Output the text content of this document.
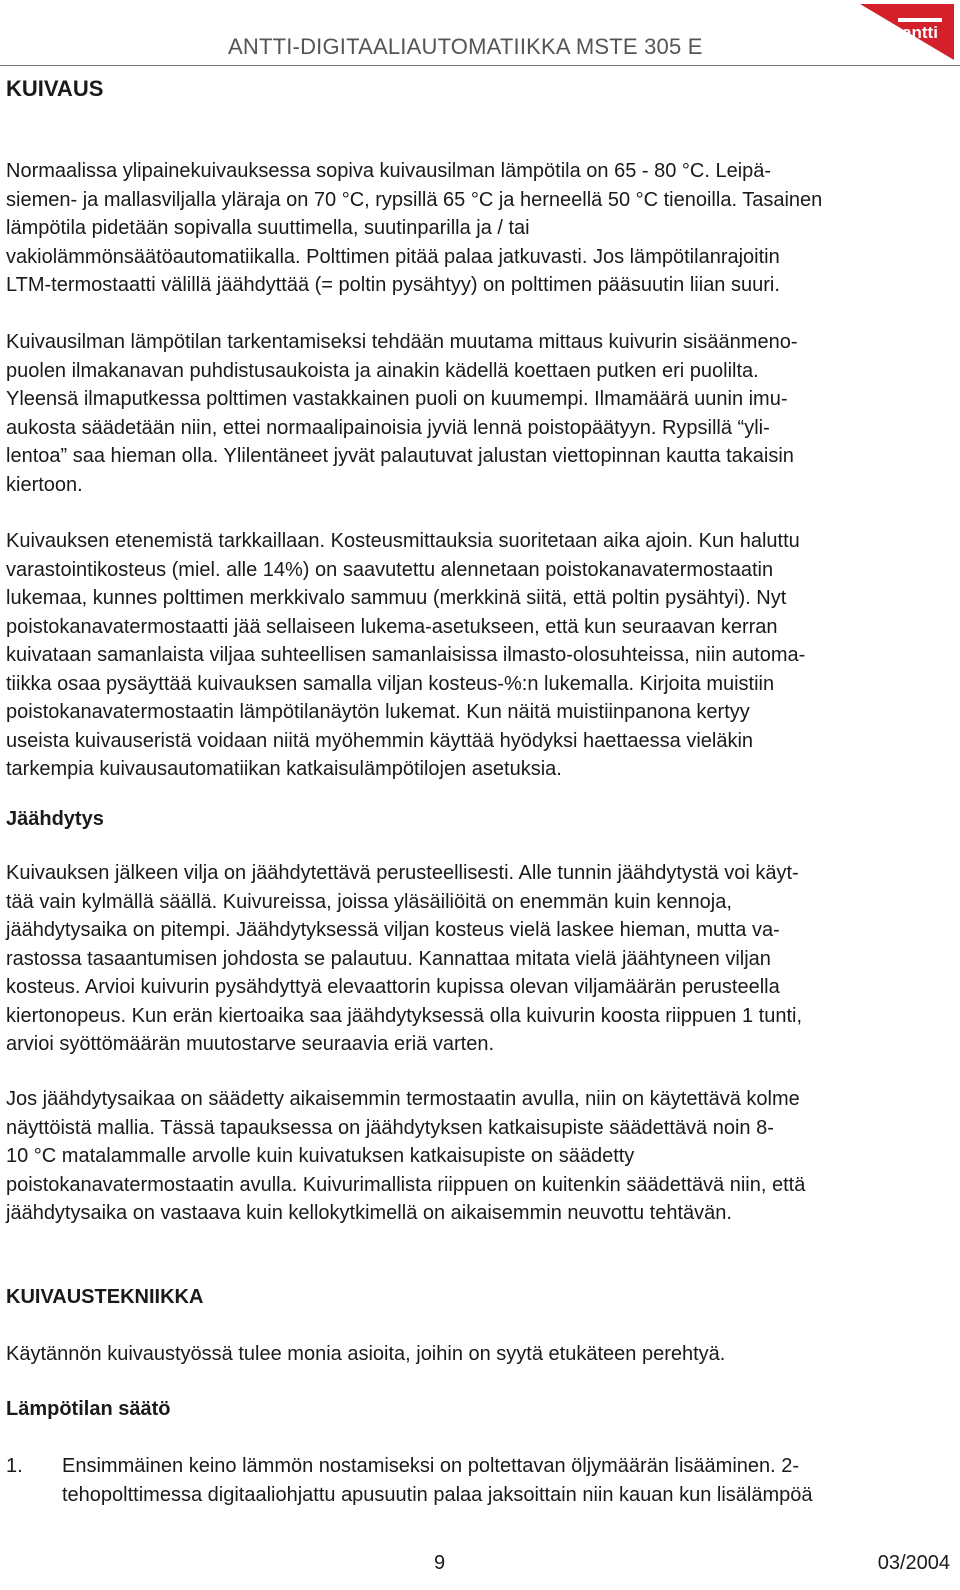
ANTTI-DIGITAALIAUTOMATIIKKA MSTE 305 E
antti
KUIVAUS
Normaalissa ylipainekuivauksessa sopiva kuivausilman lämpötila on 65 - 80 °C. Leipä-
siemen- ja mallasviljalla yläraja on 70 °C, rypsillä 65 °C ja herneellä 50 °C tienoilla. Tasainen
lämpötila pidetään sopivalla suuttimella, suutinparilla ja / tai
vakiolämmönsäätöautomatiikalla. Polttimen pitää palaa jatkuvasti. Jos lämpötilanrajoitin
LTM-termostaatti välillä jäähdyttää (= poltin pysähtyy) on polttimen pääsuutin liian suuri.
Kuivausilman lämpötilan tarkentamiseksi tehdään muutama mittaus kuivurin sisäänmeno-
puolen ilmakanavan puhdistusaukoista ja ainakin kädellä koettaen putken eri puolilta.
Yleensä ilmaputkessa polttimen vastakkainen puoli on kuumempi. Ilmamäärä uunin imu-
aukosta säädetään niin, ettei normaalipainoisia jyviä lennä poistopäätyyn. Rypsillä “yli-
lentoa” saa hieman olla. Ylilentäneet jyvät palautuvat jalustan viettopinnan kautta takaisin
kiertoon.
Kuivauksen etenemistä tarkkaillaan. Kosteusmittauksia suoritetaan aika ajoin. Kun haluttu
varastointikosteus (miel. alle 14%) on saavutettu alennetaan poistokanavatermostaatin
lukemaa, kunnes polttimen merkkivalo sammuu (merkkinä siitä, että poltin pysähtyi). Nyt
poistokanavatermostaatti jää sellaiseen lukema-asetukseen, että kun seuraavan kerran
kuivataan samanlaista viljaa suhteellisen samanlaisissa ilmasto-olosuhteissa, niin automa-
tiikka osaa pysäyttää kuivauksen samalla viljan kosteus-%:n lukemalla. Kirjoita muistiin
poistokanavatermostaatin lämpötilanäytön lukemat. Kun näitä muistiinpanona kertyy
useista kuivauseristä voidaan niitä myöhemmin käyttää hyödyksi haettaessa vieläkin
tarkempia kuivausautomatiikan katkaisulämpötilojen asetuksia.
Jäähdytys
Kuivauksen jälkeen vilja on jäähdytettävä perusteellisesti. Alle tunnin jäähdytystä voi käyt-
tää vain kylmällä säällä. Kuivureissa, joissa yläsäiliöitä on enemmän kuin kennoja,
jäähdytysaika on pitempi. Jäähdytyksessä viljan kosteus vielä laskee hieman, mutta va-
rastossa tasaantumisen johdosta se palautuu. Kannattaa mitata vielä jäähtyneen viljan
kosteus. Arvioi kuivurin pysähdyttyä elevaattorin kupissa olevan viljamäärän perusteella
kiertonopeus. Kun erän kiertoaika saa jäähdytyksessä olla kuivurin koosta riippuen 1 tunti,
arvioi syöttömäärän muutostarve seuraavia eriä varten.
Jos jäähdytysaikaa on säädetty aikaisemmin termostaatin avulla, niin on käytettävä kolme
näyttöistä mallia. Tässä tapauksessa on jäähdytyksen katkaisupiste säädettävä noin 8-
10 °C matalammalle arvolle kuin kuivatuksen katkaisupiste on säädetty
poistokanavatermostaatin avulla. Kuivurimallista riippuen on kuitenkin säädettävä niin, että
jäähdytysaika on vastaava kuin kellokytkimellä on aikaisemmin neuvottu tehtävän.
KUIVAUSTEKNIIKKA
Käytännön kuivaustyössä tulee monia asioita, joihin on syytä etukäteen perehtyä.
Lämpötilan säätö
1. Ensimmäinen keino lämmön nostamiseksi on poltettavan öljymäärän lisääminen. 2-
tehopolttimessa digitaaliohjattu apusuutin palaa jaksoittain niin kauan kun lisälämpöä
9	03/2004
